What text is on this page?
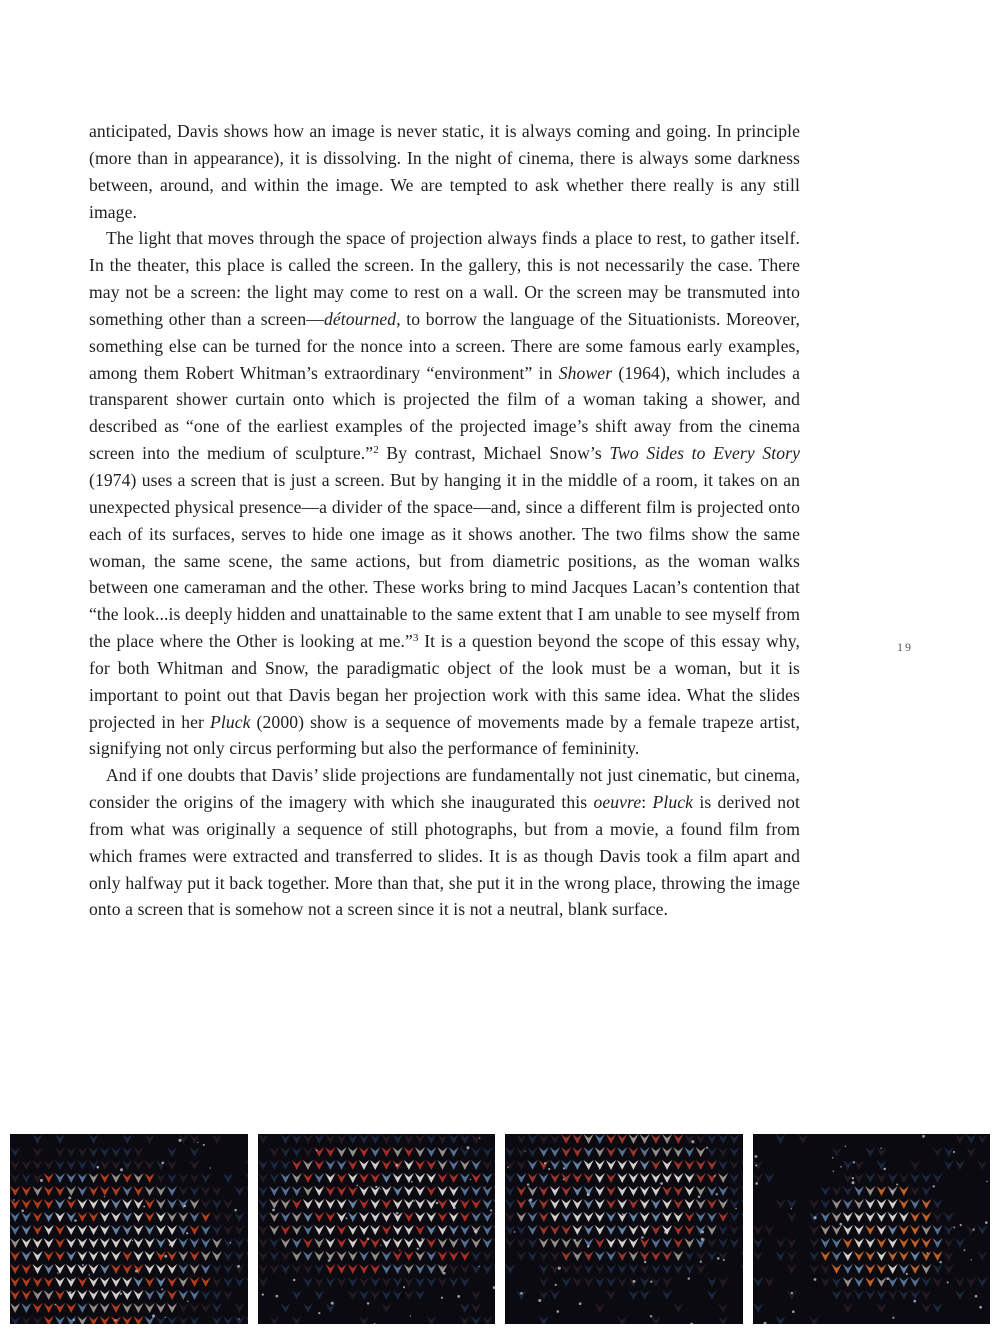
anticipated, Davis shows how an image is never static, it is always coming and going. In principle (more than in appearance), it is dissolving. In the night of cinema, there is always some darkness between, around, and within the image. We are tempted to ask whether there really is any still image.

The light that moves through the space of projection always finds a place to rest, to gather itself. In the theater, this place is called the screen. In the gallery, this is not necessarily the case. There may not be a screen: the light may come to rest on a wall. Or the screen may be transmuted into something other than a screen—détourned, to borrow the language of the Situationists. Moreover, something else can be turned for the nonce into a screen. There are some famous early examples, among them Robert Whitman’s extraordinary “environment” in Shower (1964), which includes a transparent shower curtain onto which is projected the film of a woman taking a shower, and described as “one of the earliest examples of the projected image’s shift away from the cinema screen into the medium of sculpture.”$^2$ By contrast, Michael Snow’s Two Sides to Every Story (1974) uses a screen that is just a screen. But by hanging it in the middle of a room, it takes on an unexpected physical presence—a divider of the space—and, since a different film is projected onto each of its surfaces, serves to hide one image as it shows another. The two films show the same woman, the same scene, the same actions, but from diametric positions, as the woman walks between one cameraman and the other. These works bring to mind Jacques Lacan’s contention that “the look...is deeply hidden and unattainable to the same extent that I am unable to see myself from the place where the Other is looking at me.”$^3$ It is a question beyond the scope of this essay why, for both Whitman and Snow, the paradigmatic object of the look must be a woman, but it is important to point out that Davis began her projection work with this same idea. What the slides projected in her Pluck (2000) show is a sequence of movements made by a female trapeze artist, signifying not only circus performing but also the performance of femininity.

And if one doubts that Davis’ slide projections are fundamentally not just cinematic, but cinema, consider the origins of the imagery with which she inaugurated this oeuvre: Pluck is derived not from what was originally a sequence of still photographs, but from a movie, a found film from which frames were extracted and transferred to slides. It is as though Davis took a film apart and only halfway put it back together. More than that, she put it in the wrong place, throwing the image onto a screen that is somehow not a screen since it is not a neutral, blank surface.

19
